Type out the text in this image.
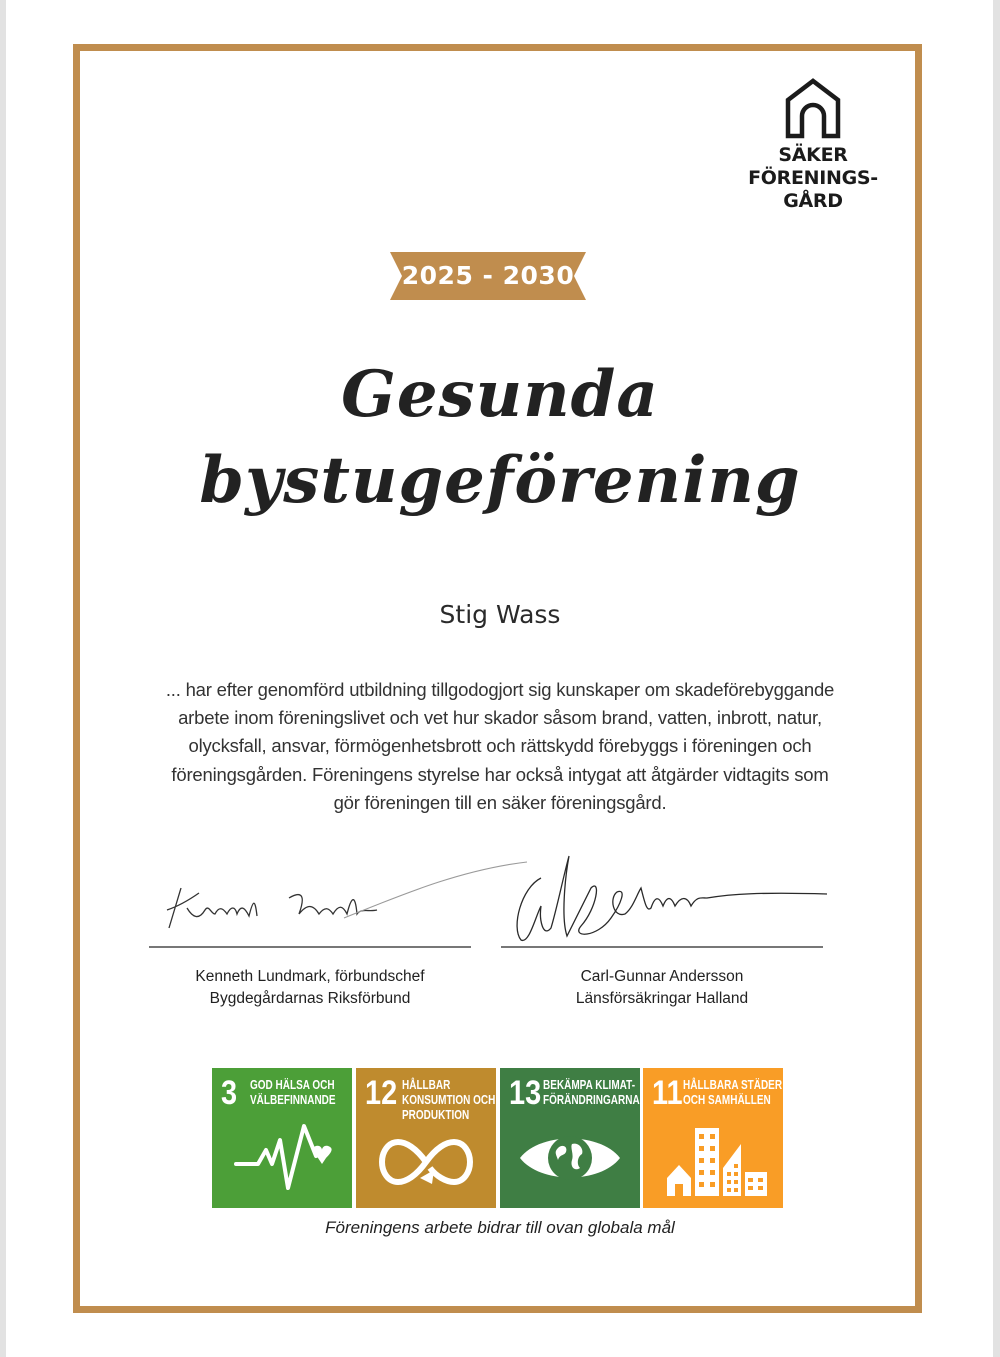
SÄKER
FÖRENINGS-
GÅRD
2025 - 2030
Gesunda
bystugeförening
Stig Wass
... har efter genomförd utbildning tillgodogjort sig kunskaper om skadeförebyggande
arbete inom föreningslivet och vet hur skador såsom brand, vatten, inbrott, natur,
olycksfall, ansvar, förmögenhetsbrott och rättskydd förebyggs i föreningen och
föreningsgården. Föreningens styrelse har också intygat att åtgärder vidtagits som
gör föreningen till en säker föreningsgård.
Kenneth Lundmark, förbundschef
Bygdegårdarnas Riksförbund
Carl-Gunnar Andersson
Länsförsäkringar Halland
3 GOD HÄLSA OCH
VÄLBEFINNANDE 12 HÅLLBAR
KONSUMTION OCH
PRODUKTION
13 BEKÄMPA KLIMAT-
FÖRÄNDRINGARNA 11 HÅLLBARA STÄDER
OCH SAMHÄLLEN
Föreningens arbete bidrar till ovan globala mål
